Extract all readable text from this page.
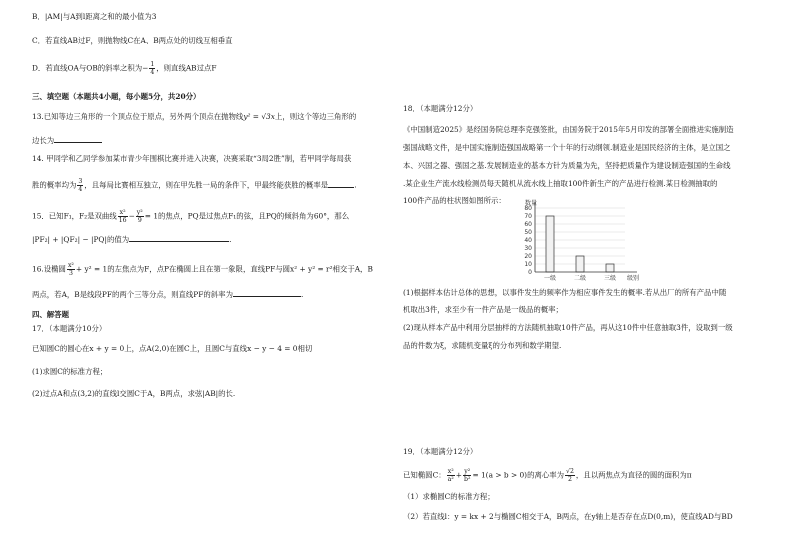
B．|AM|与A到l距离之和的最小值为3
C．若直线AB过F，则抛物线C在A、B两点处的切线互相垂直
D．若直线OA与OB的斜率之积为− $\frac{1}{4}$ ，则直线AB过点F
三、填空题（本题共4小题，每小题5分，共20分）
13.已知等边三角形的一个顶点位于原点，另外两个顶点在抛物线y² = √3x上，则这个等边三角形的
边长为
14. 甲同学和乙同学参加某市青少年围棋比赛并进入决赛，决赛采取“3局2胜”制，若甲同学每局获
胜的概率均为 $\frac{3}{4}$ ，且每局比赛相互独立，则在甲先胜一局的条件下，甲最终能获胜的概率是	.
15．已知F₁，F₂是双曲线 $\frac{\text{x²}}{16} - \frac{\text{y²}}{9} = 1$的焦点，PQ是过焦点F₁的弦，且PQ的倾斜角为60°，那么
|PF₂| + |QF₂| − |PQ|的值为	.
16.设椭圆 $\frac{\text{x²}}{3} + y^2 = 1$的左焦点为F，点P在椭圆上且在第一象限，直线PF与圆x² + y² = r²相交于A，B
两点，若A，B是线段PF的两个三等分点，则直线PF的斜率为	.
四、解答题
17．（本题满分10分）
已知圆C的圆心在x + y = 0上，点A(2,0)在圆C上，且圆C与直线x − y − 4 = 0相切
(1)求圆C的标准方程；
(2)过点A和点(3,2)的直线l交圆C于A，B两点，求弦|AB|的长.
18．（本题满分12分）
《中国制造2025》是经国务院总理李克强签批，由国务院于2015年5月印发的部署全面推进实施制造
强国战略文件，是中国实施制造强国战略第一个十年的行动纲领.制造业是国民经济的主体，是立国之
本、兴国之器、强国之基.发展制造业的基本方针为质量为先，坚持把质量作为建设制造强国的生命线
.某企业生产流水线检测员每天随机从流水线上抽取100件新生产的产品进行检测.某日检测抽取的
100件产品的柱状图如图所示：
0
10
20
30
40
50
60
70
80
一级	二级	三级
数量
级别
(1)根据样本估计总体的思想，以事件发生的频率作为相应事件发生的概率.若从出厂的所有产品中随
机取出3件，求至少有一件产品是一级品的概率；
(2)现从样本产品中利用分层抽样的方法随机抽取10件产品，再从这10件中任意抽取3件，设取到一级
品的件数为ξ，求随机变量ξ的分布列和数学期望.
19．（本题满分12分）
已知椭圆C： $\frac{\text{x²}}{\text{a²}} + \frac{\text{y²}}{\text{b²}} = 1(a > b > 0)$的离心率为 $\frac{√2}{2}$ ，且以两焦点为直径的圆的面积为π
（1）求椭圆C的标准方程；
（2）若直线l：y = kx + 2与椭圆C相交于A，B两点，在y轴上是否存在点D(0,m)，使直线AD与BD
